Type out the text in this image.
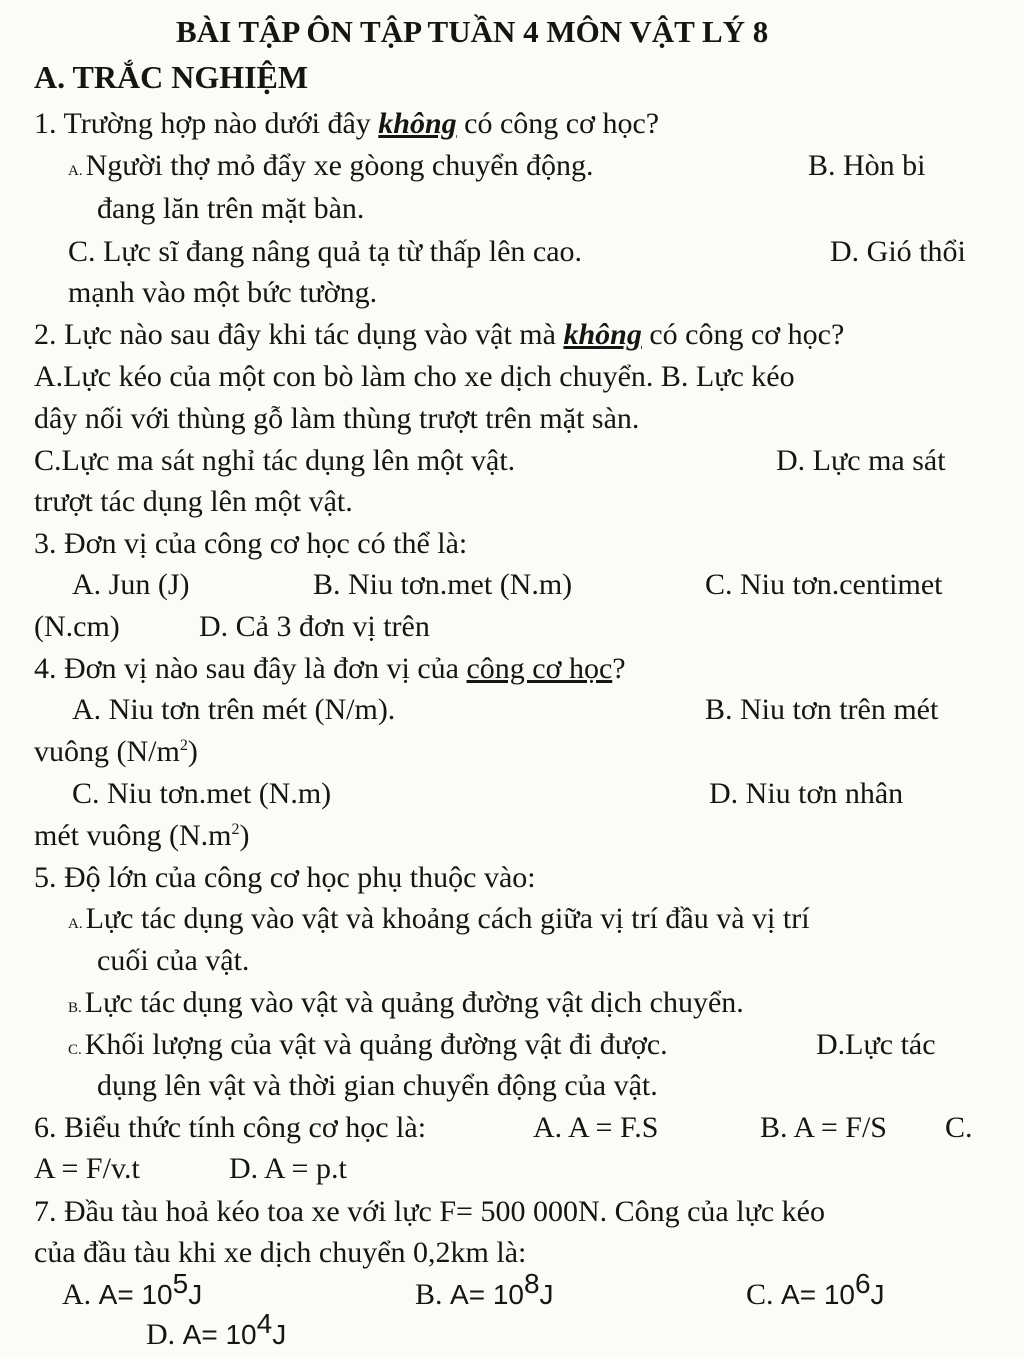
BÀI TẬP ÔN TẬP TUẦN 4 MÔN VẬT LÝ 8
A. TRẮC NGHIỆM
1. Trường hợp nào dưới đây không có công cơ học?
A. Người thợ mỏ đẩy xe gòong chuyển động.	B. Hòn bi
đang lăn trên mặt bàn.
C. Lực sĩ đang nâng quả tạ từ thấp lên cao.	D. Gió thổi
mạnh vào một bức tường.
2. Lực nào sau đây khi tác dụng vào vật mà không có công cơ học?
A.Lực kéo của một con bò làm cho xe dịch chuyển. B. Lực kéo
dây nối với thùng gỗ làm thùng trượt trên mặt sàn.
C.Lực ma sát nghỉ tác dụng lên một vật.	D. Lực ma sát
trượt tác dụng lên một vật.
3. Đơn vị của công cơ học có thể là:
A. Jun (J)	B. Niu tơn.met (N.m)	C. Niu tơn.centimet
(N.cm)	D. Cả 3 đơn vị trên
4. Đơn vị nào sau đây là đơn vị của công cơ học?
A. Niu tơn trên mét (N/m).	B. Niu tơn trên mét
vuông $(N/m^2)$
C. Niu tơn.met (N.m)	D. Niu tơn nhân
mét vuông $(N.m^2)$
5. Độ lớn của công cơ học phụ thuộc vào:
A. Lực tác dụng vào vật và khoảng cách giữa vị trí đầu và vị trí
cuối của vật.
B. Lực tác dụng vào vật và quảng đường vật dịch chuyển.
C. Khối lượng của vật và quảng đường vật đi được.	D.Lực tác
dụng lên vật và thời gian chuyển động của vật.
6. Biểu thức tính công cơ học là:	A. A = F.S	B. A = F/S C.
A = F/v.t	D. A = p.t
7. Đầu tàu hoả kéo toa xe với lực F= 500 000N. Công của lực kéo
của đầu tàu khi xe dịch chuyển 0,2km là:
A. $A= 10^5J$	B. $A= 10^8J$	C. $A= 10^6J$
D. $A= 10^4J$
